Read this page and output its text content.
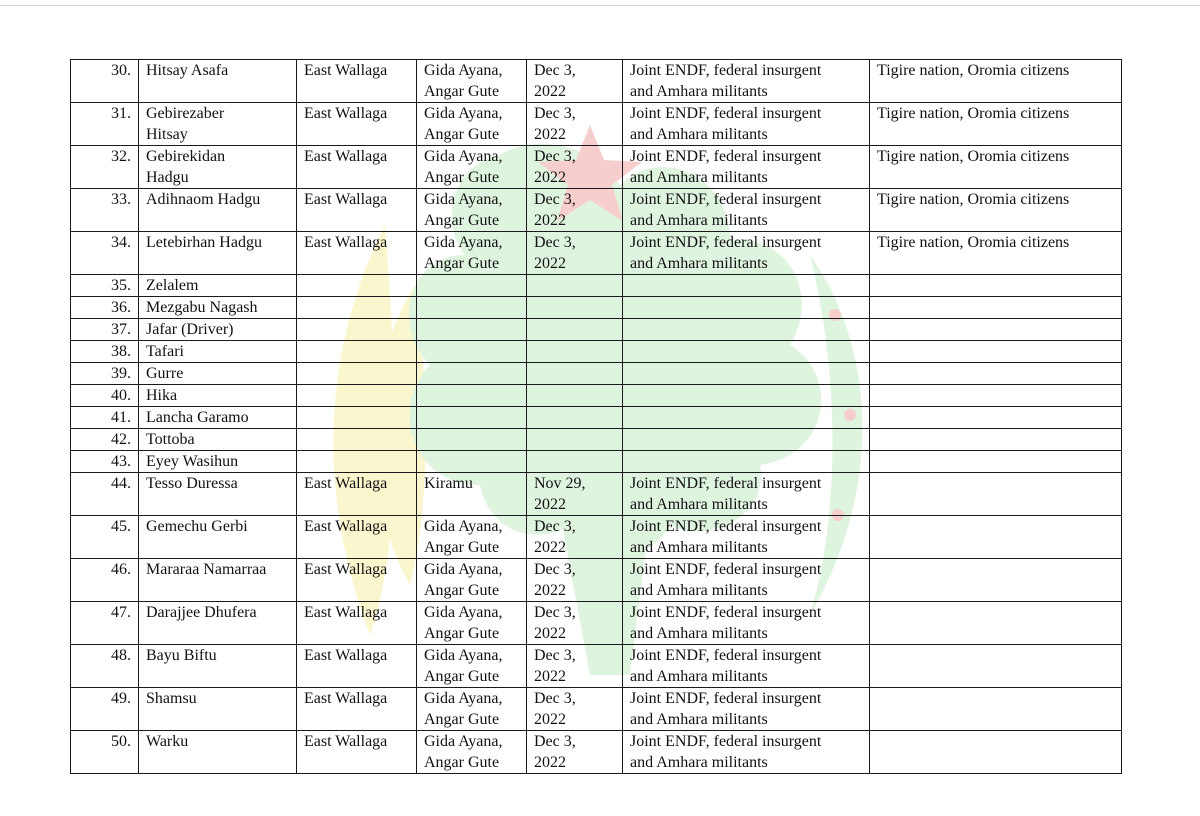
30.	Hitsay Asafa	East Wallaga	Gida Ayana,
Angar Gute	Dec 3,
2022	Joint ENDF, federal insurgent
and Amhara militants	Tigire nation, Oromia citizens
31.	Gebirezaber
Hitsay	East Wallaga	Gida Ayana,
Angar Gute	Dec 3,
2022	Joint ENDF, federal insurgent
and Amhara militants	Tigire nation, Oromia citizens
32.	Gebirekidan
Hadgu	East Wallaga	Gida Ayana,
Angar Gute	Dec 3,
2022	Joint ENDF, federal insurgent
and Amhara militants	Tigire nation, Oromia citizens
33.	Adihnaom Hadgu	East Wallaga	Gida Ayana,
Angar Gute	Dec 3,
2022	Joint ENDF, federal insurgent
and Amhara militants	Tigire nation, Oromia citizens
34.	Letebirhan Hadgu	East Wallaga	Gida Ayana,
Angar Gute	Dec 3,
2022	Joint ENDF, federal insurgent
and Amhara militants	Tigire nation, Oromia citizens
35.	Zelalem					

36.	Mezgabu Nagash					

37.	Jafar (Driver)					

38.	Tafari					

39.	Gurre					

40.	Hika					

41.	Lancha Garamo					

42.	Tottoba					

43.	Eyey Wasihun					

44.	Tesso Duressa	East Wallaga	Kiramu	Nov 29,
2022	Joint ENDF, federal insurgent
and Amhara militants	

45.	Gemechu Gerbi	East Wallaga	Gida Ayana,
Angar Gute	Dec 3,
2022	Joint ENDF, federal insurgent
and Amhara militants	

46.	Mararaa Namarraa	East Wallaga	Gida Ayana,
Angar Gute	Dec 3,
2022	Joint ENDF, federal insurgent
and Amhara militants	

47.	Darajjee Dhufera	East Wallaga	Gida Ayana,
Angar Gute	Dec 3,
2022	Joint ENDF, federal insurgent
and Amhara militants	

48.	Bayu Biftu	East Wallaga	Gida Ayana,
Angar Gute	Dec 3,
2022	Joint ENDF, federal insurgent
and Amhara militants	

49.	Shamsu	East Wallaga	Gida Ayana,
Angar Gute	Dec 3,
2022	Joint ENDF, federal insurgent
and Amhara militants	

50.	Warku	East Wallaga	Gida Ayana,
Angar Gute	Dec 3,
2022	Joint ENDF, federal insurgent
and Amhara militants	
